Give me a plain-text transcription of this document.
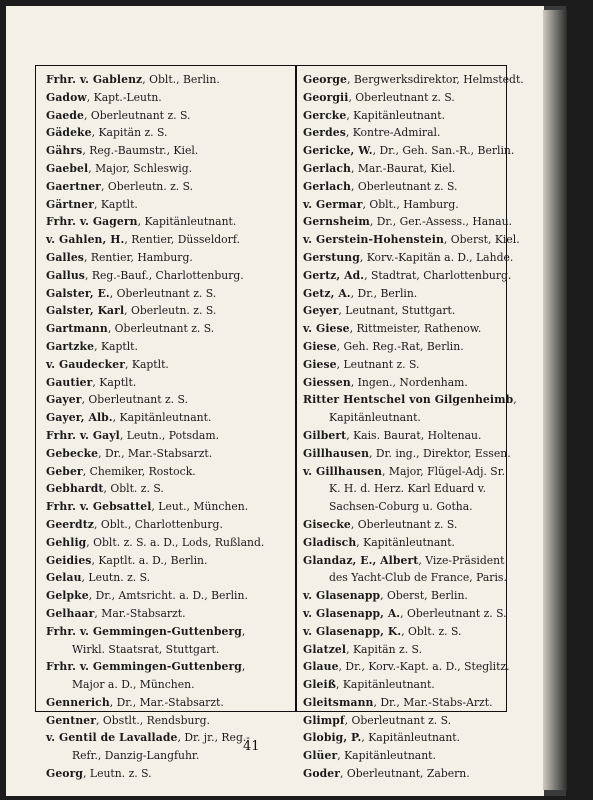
Frhr. v. Gablenz, Oblt., Berlin.
Gadow, Kapt.-Leutn.
Gaede, Oberleutnant z. S.
Gädeke, Kapitän z. S.
Gährs, Reg.-Baumstr., Kiel.
Gaebel, Major, Schleswig.
Gaertner, Oberleutn. z. S.
Gärtner, Kaptlt.
Frhr. v. Gagern, Kapitänleutnant.
v. Gahlen, H., Rentier, Düsseldorf.
Galles, Rentier, Hamburg.
Gallus, Reg.-Bauf., Charlottenburg.
Galster, E., Oberleutnant z. S.
Galster, Karl, Oberleutn. z. S.
Gartmann, Oberleutnant z. S.
Gartzke, Kaptlt.
v. Gaudecker, Kaptlt.
Gautier, Kaptlt.
Gayer, Oberleutnant z. S.
Gayer, Alb., Kapitänleutnant.
Frhr. v. Gayl, Leutn., Potsdam.
Gebecke, Dr., Mar.-Stabsarzt.
Geber, Chemiker, Rostock.
Gebhardt, Oblt. z. S.
Frhr. v. Gebsattel, Leut., München.
Geerdtz, Oblt., Charlottenburg.
Gehlig, Oblt. z. S. a. D., Lods, Rußland.
Geidies, Kaptlt. a. D., Berlin.
Gelau, Leutn. z. S.
Gelpke, Dr., Amtsricht. a. D., Berlin.
Gelhaar, Mar.-Stabsarzt.
Frhr. v. Gemmingen-Guttenberg,
Wirkl. Staatsrat, Stuttgart.
Frhr. v. Gemmingen-Guttenberg,
Major a. D., München.
Gennerich, Dr., Mar.-Stabsarzt.
Gentner, Obstlt., Rendsburg.
v. Gentil de Lavallade, Dr. jr., Reg.-
Refr., Danzig-Langfuhr.
Georg, Leutn. z. S.
George, Bergwerksdirektor, Helmstedt.
Georgii, Oberleutnant z. S.
Gercke, Kapitänleutnant.
Gerdes, Kontre-Admiral.
Gericke, W., Dr., Geh. San.-R., Berlin.
Gerlach, Mar.-Baurat, Kiel.
Gerlach, Oberleutnant z. S.
v. Germar, Oblt., Hamburg.
Gernsheim, Dr., Ger.-Assess., Hanau.
v. Gerstein-Hohenstein, Oberst, Kiel.
Gerstung, Korv.-Kapitän a. D., Lahde.
Gertz, Ad., Stadtrat, Charlottenburg.
Getz, A., Dr., Berlin.
Geyer, Leutnant, Stuttgart.
v. Giese, Rittmeister, Rathenow.
Giese, Geh. Reg.-Rat, Berlin.
Giese, Leutnant z. S.
Giessen, Ingen., Nordenham.
Ritter Hentschel von Gilgenheimb,
Kapitänleutnant.
Gilbert, Kais. Baurat, Holtenau.
Gillhausen, Dr. ing., Direktor, Essen.
v. Gillhausen, Major, Flügel-Adj. Sr.
K. H. d. Herz. Karl Eduard v.
Sachsen-Coburg u. Gotha.
Gisecke, Oberleutnant z. S.
Gladisch, Kapitänleutnant.
Glandaz, E., Albert, Vize-Präsident
des Yacht-Club de France, Paris.
v. Glasenapp, Oberst, Berlin.
v. Glasenapp, A., Oberleutnant z. S.
v. Glasenapp, K., Oblt. z. S.
Glatzel, Kapitän z. S.
Glaue, Dr., Korv.-Kapt. a. D., Steglitz.
Gleiß, Kapitänleutnant.
Gleitsmann, Dr., Mar.-Stabs-Arzt.
Glimpf, Oberleutnant z. S.
Globig, P., Kapitänleutnant.
Glüer, Kapitänleutnant.
Goder, Oberleutnant, Zabern.
41
